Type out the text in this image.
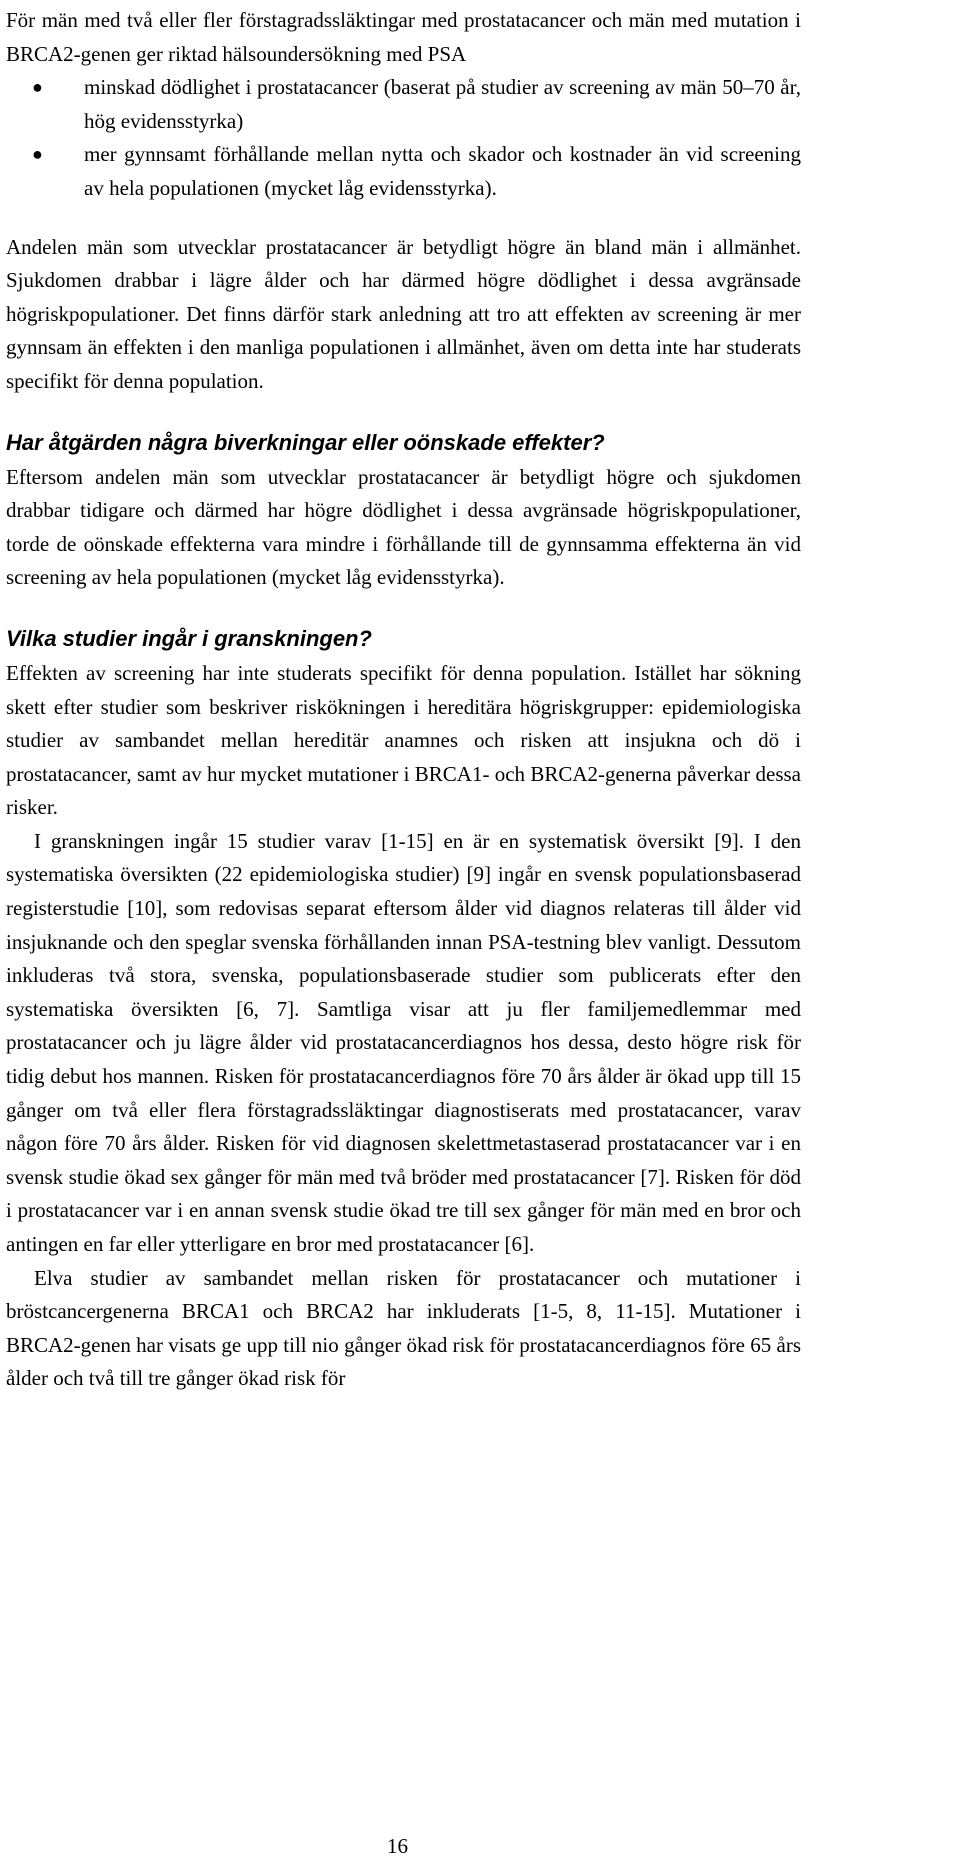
För män med två eller fler förstagradssläktingar med prostatacancer och män med mutation i BRCA2-genen ger riktad hälsoundersökning med PSA

● minskad dödlighet i prostatacancer (baserat på studier av screening av män 50–70 år, hög evidensstyrka)
● mer gynnsamt förhållande mellan nytta och skador och kostnader än vid screening av hela populationen (mycket låg evidensstyrka).

Andelen män som utvecklar prostatacancer är betydligt högre än bland män i allmänhet. Sjukdomen drabbar i lägre ålder och har därmed högre dödlighet i dessa avgränsade högriskpopulationer. Det finns därför stark anledning att tro att effekten av screening är mer gynnsam än effekten i den manliga populationen i allmänhet, även om detta inte har studerats specifikt för denna population.

Har åtgärden några biverkningar eller oönskade effekter?

Eftersom andelen män som utvecklar prostatacancer är betydligt högre och sjukdomen drabbar tidigare och därmed har högre dödlighet i dessa avgränsade högriskpopulationer, torde de oönskade effekterna vara mindre i förhållande till de gynnsamma effekterna än vid screening av hela populationen (mycket låg evidensstyrka).

Vilka studier ingår i granskningen?

Effekten av screening har inte studerats specifikt för denna population. Istället har sökning skett efter studier som beskriver riskökningen i hereditära högriskgrupper: epidemiologiska studier av sambandet mellan hereditär anamnes och risken att insjukna och dö i prostatacancer, samt av hur mycket mutationer i BRCA1- och BRCA2-generna påverkar dessa risker.

I granskningen ingår 15 studier varav [1-15] en är en systematisk översikt [9]. I den systematiska översikten (22 epidemiologiska studier) [9] ingår en svensk populationsbaserad registerstudie [10], som redovisas separat eftersom ålder vid diagnos relateras till ålder vid insjuknande och den speglar svenska förhållanden innan PSA-testning blev vanligt. Dessutom inkluderas två stora, svenska, populationsbaserade studier som publicerats efter den systematiska översikten [6, 7]. Samtliga visar att ju fler familjemedlemmar med prostatacancer och ju lägre ålder vid prostatacancerdiagnos hos dessa, desto högre risk för tidig debut hos mannen. Risken för prostatacancerdiagnos före 70 års ålder är ökad upp till 15 gånger om två eller flera förstagradssläktingar diagnostiserats med prostatacancer, varav någon före 70 års ålder. Risken för vid diagnosen skelettmetastaserad prostatacancer var i en svensk studie ökad sex gånger för män med två bröder med prostatacancer [7]. Risken för död i prostatacancer var i en annan svensk studie ökad tre till sex gånger för män med en bror och antingen en far eller ytterligare en bror med prostatacancer [6].

Elva studier av sambandet mellan risken för prostatacancer och mutationer i bröstcancergenerna BRCA1 och BRCA2 har inkluderats [1-5, 8, 11-15]. Mutationer i BRCA2-genen har visats ge upp till nio gånger ökad risk för prostatacancerdiagnos före 65 års ålder och två till tre gånger ökad risk för

16
